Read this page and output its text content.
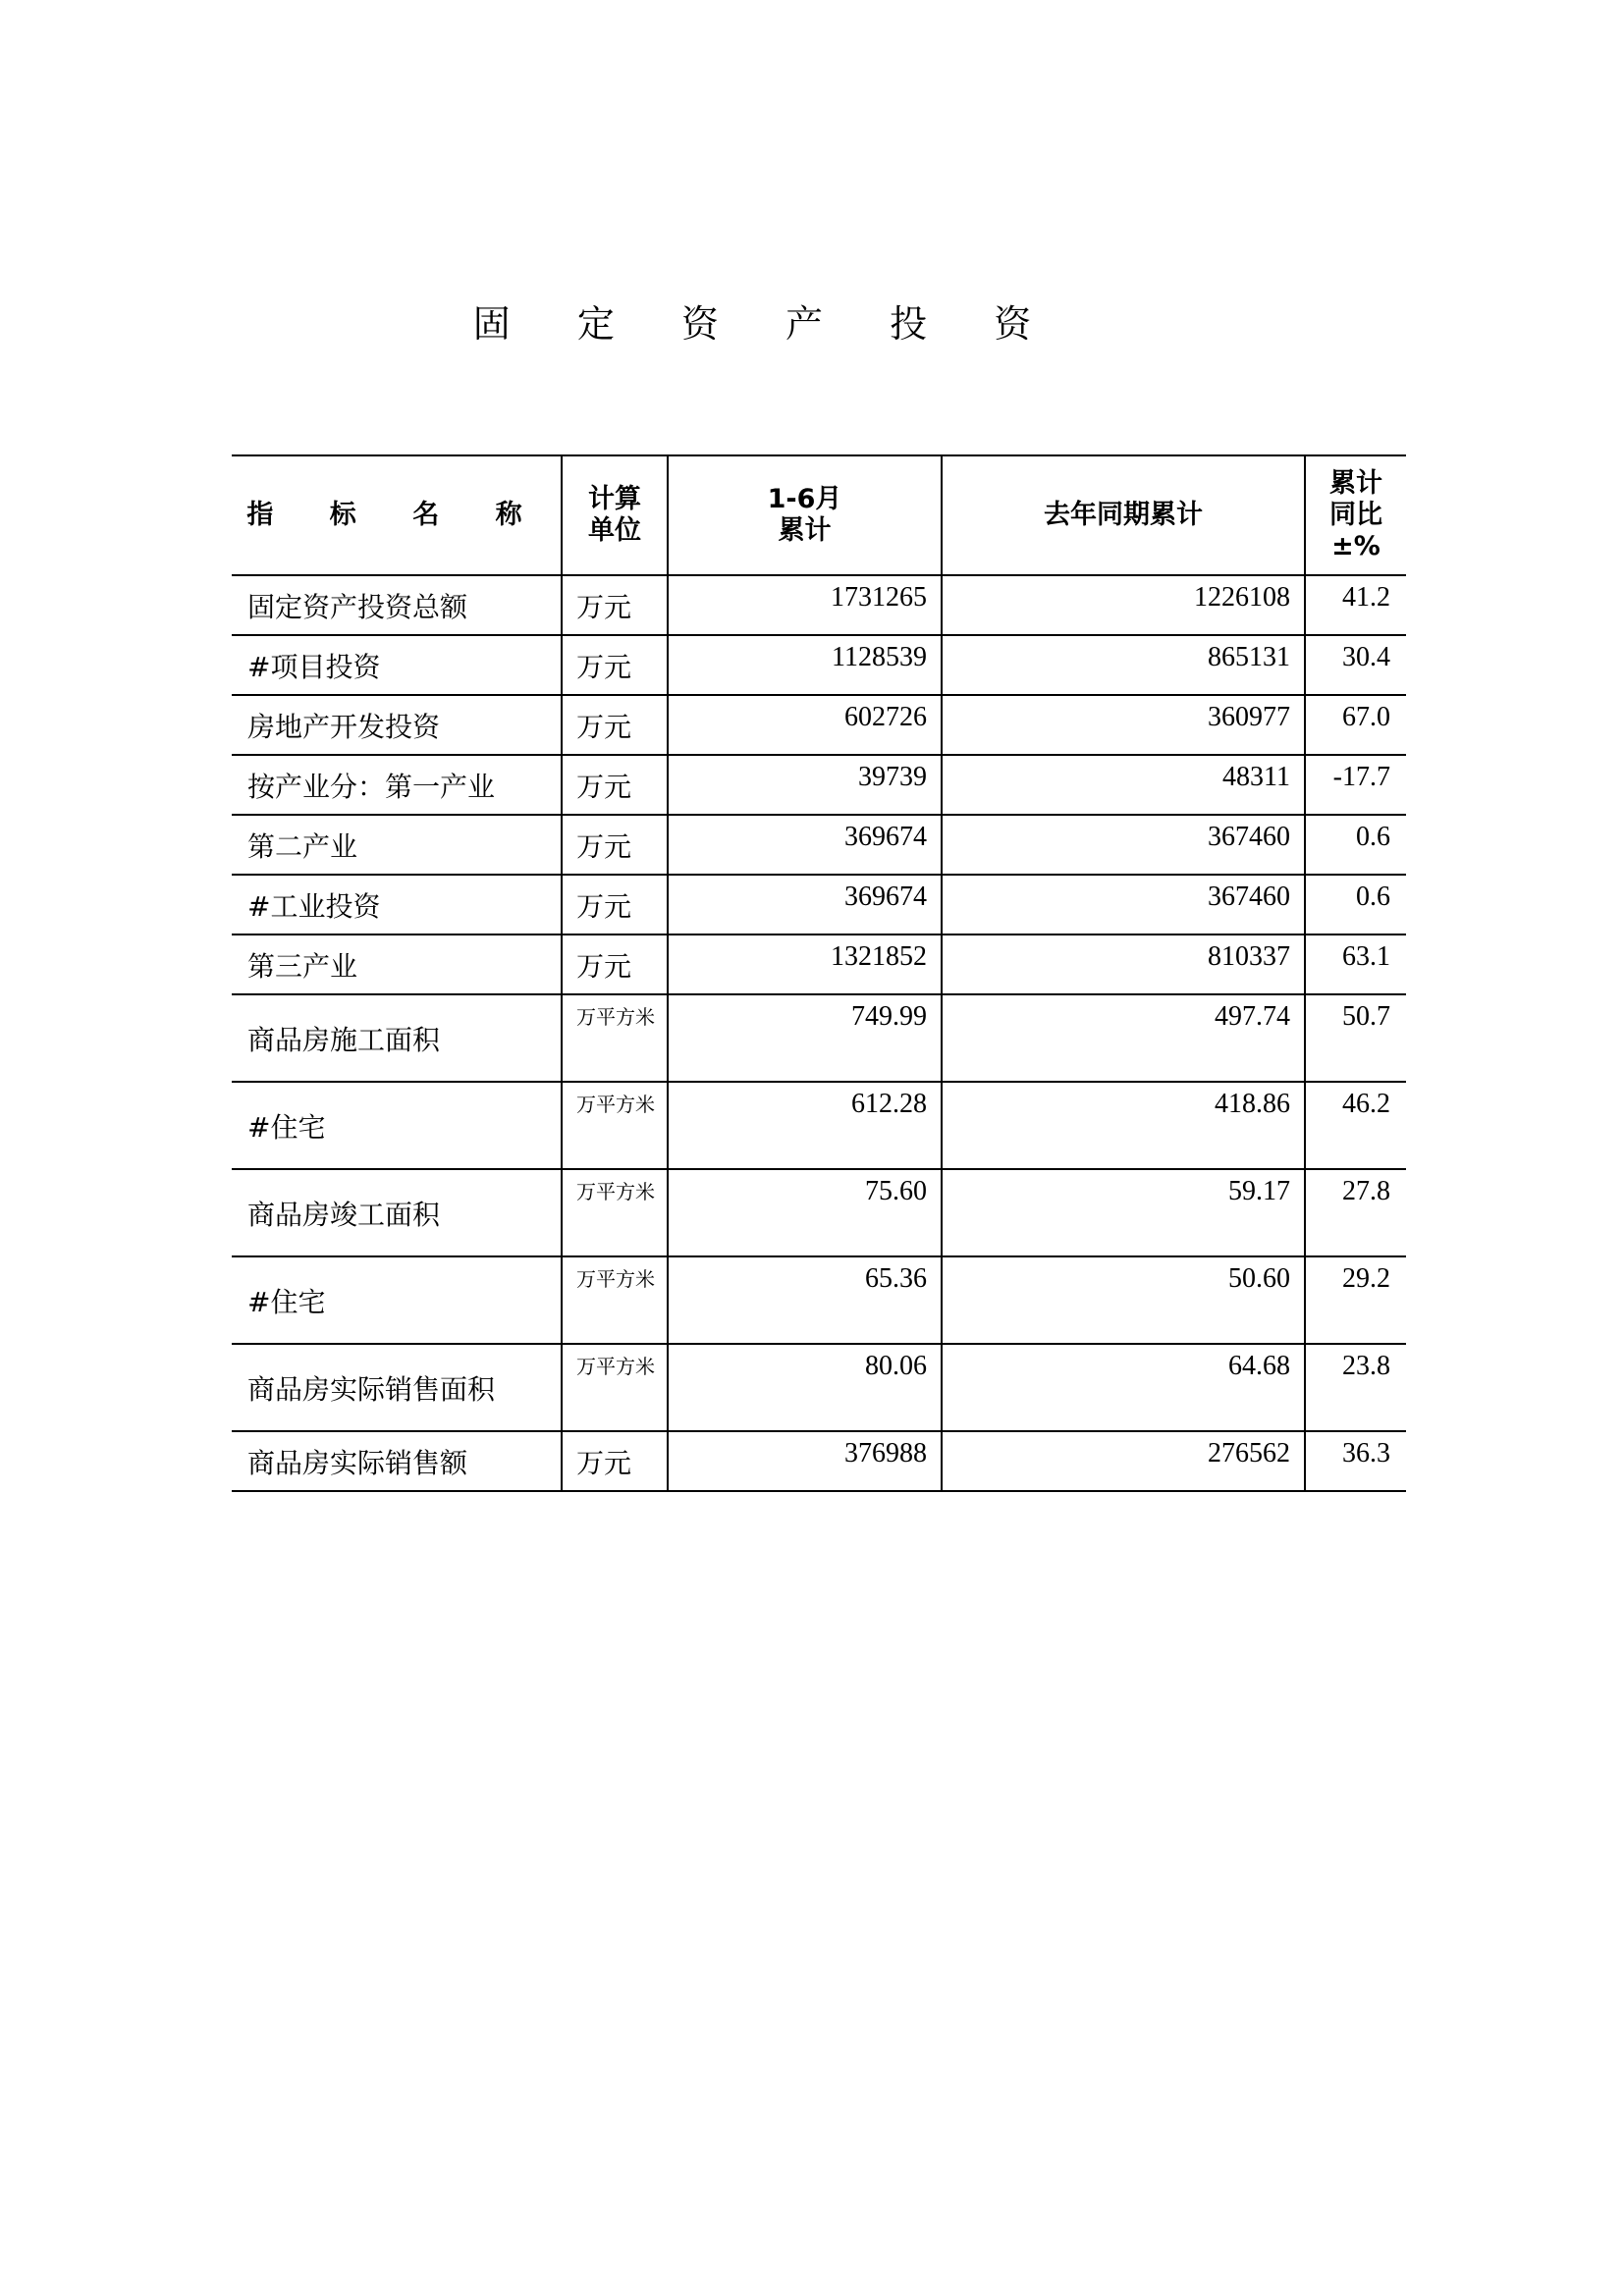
固 定 资 产 投 资
指 标 名 称	计算单位	1-6月累计	去年同期累计	累计同比±%

固定资产投资总额	万元	1731265	1226108	41.2
#项目投资	万元	1128539	865131	30.4
房地产开发投资	万元	602726	360977	67.0
按产业分：第一产业	万元	39739	48311	-17.7
第二产业	万元	369674	367460	0.6
#工业投资	万元	369674	367460	0.6
第三产业	万元	1321852	810337	63.1
商品房施工面积	万平方米	749.99	497.74	50.7
#住宅	万平方米	612.28	418.86	46.2
商品房竣工面积	万平方米	75.60	59.17	27.8
#住宅	万平方米	65.36	50.60	29.2
商品房实际销售面积	万平方米	80.06	64.68	23.8
商品房实际销售额	万元	376988	276562	36.3
